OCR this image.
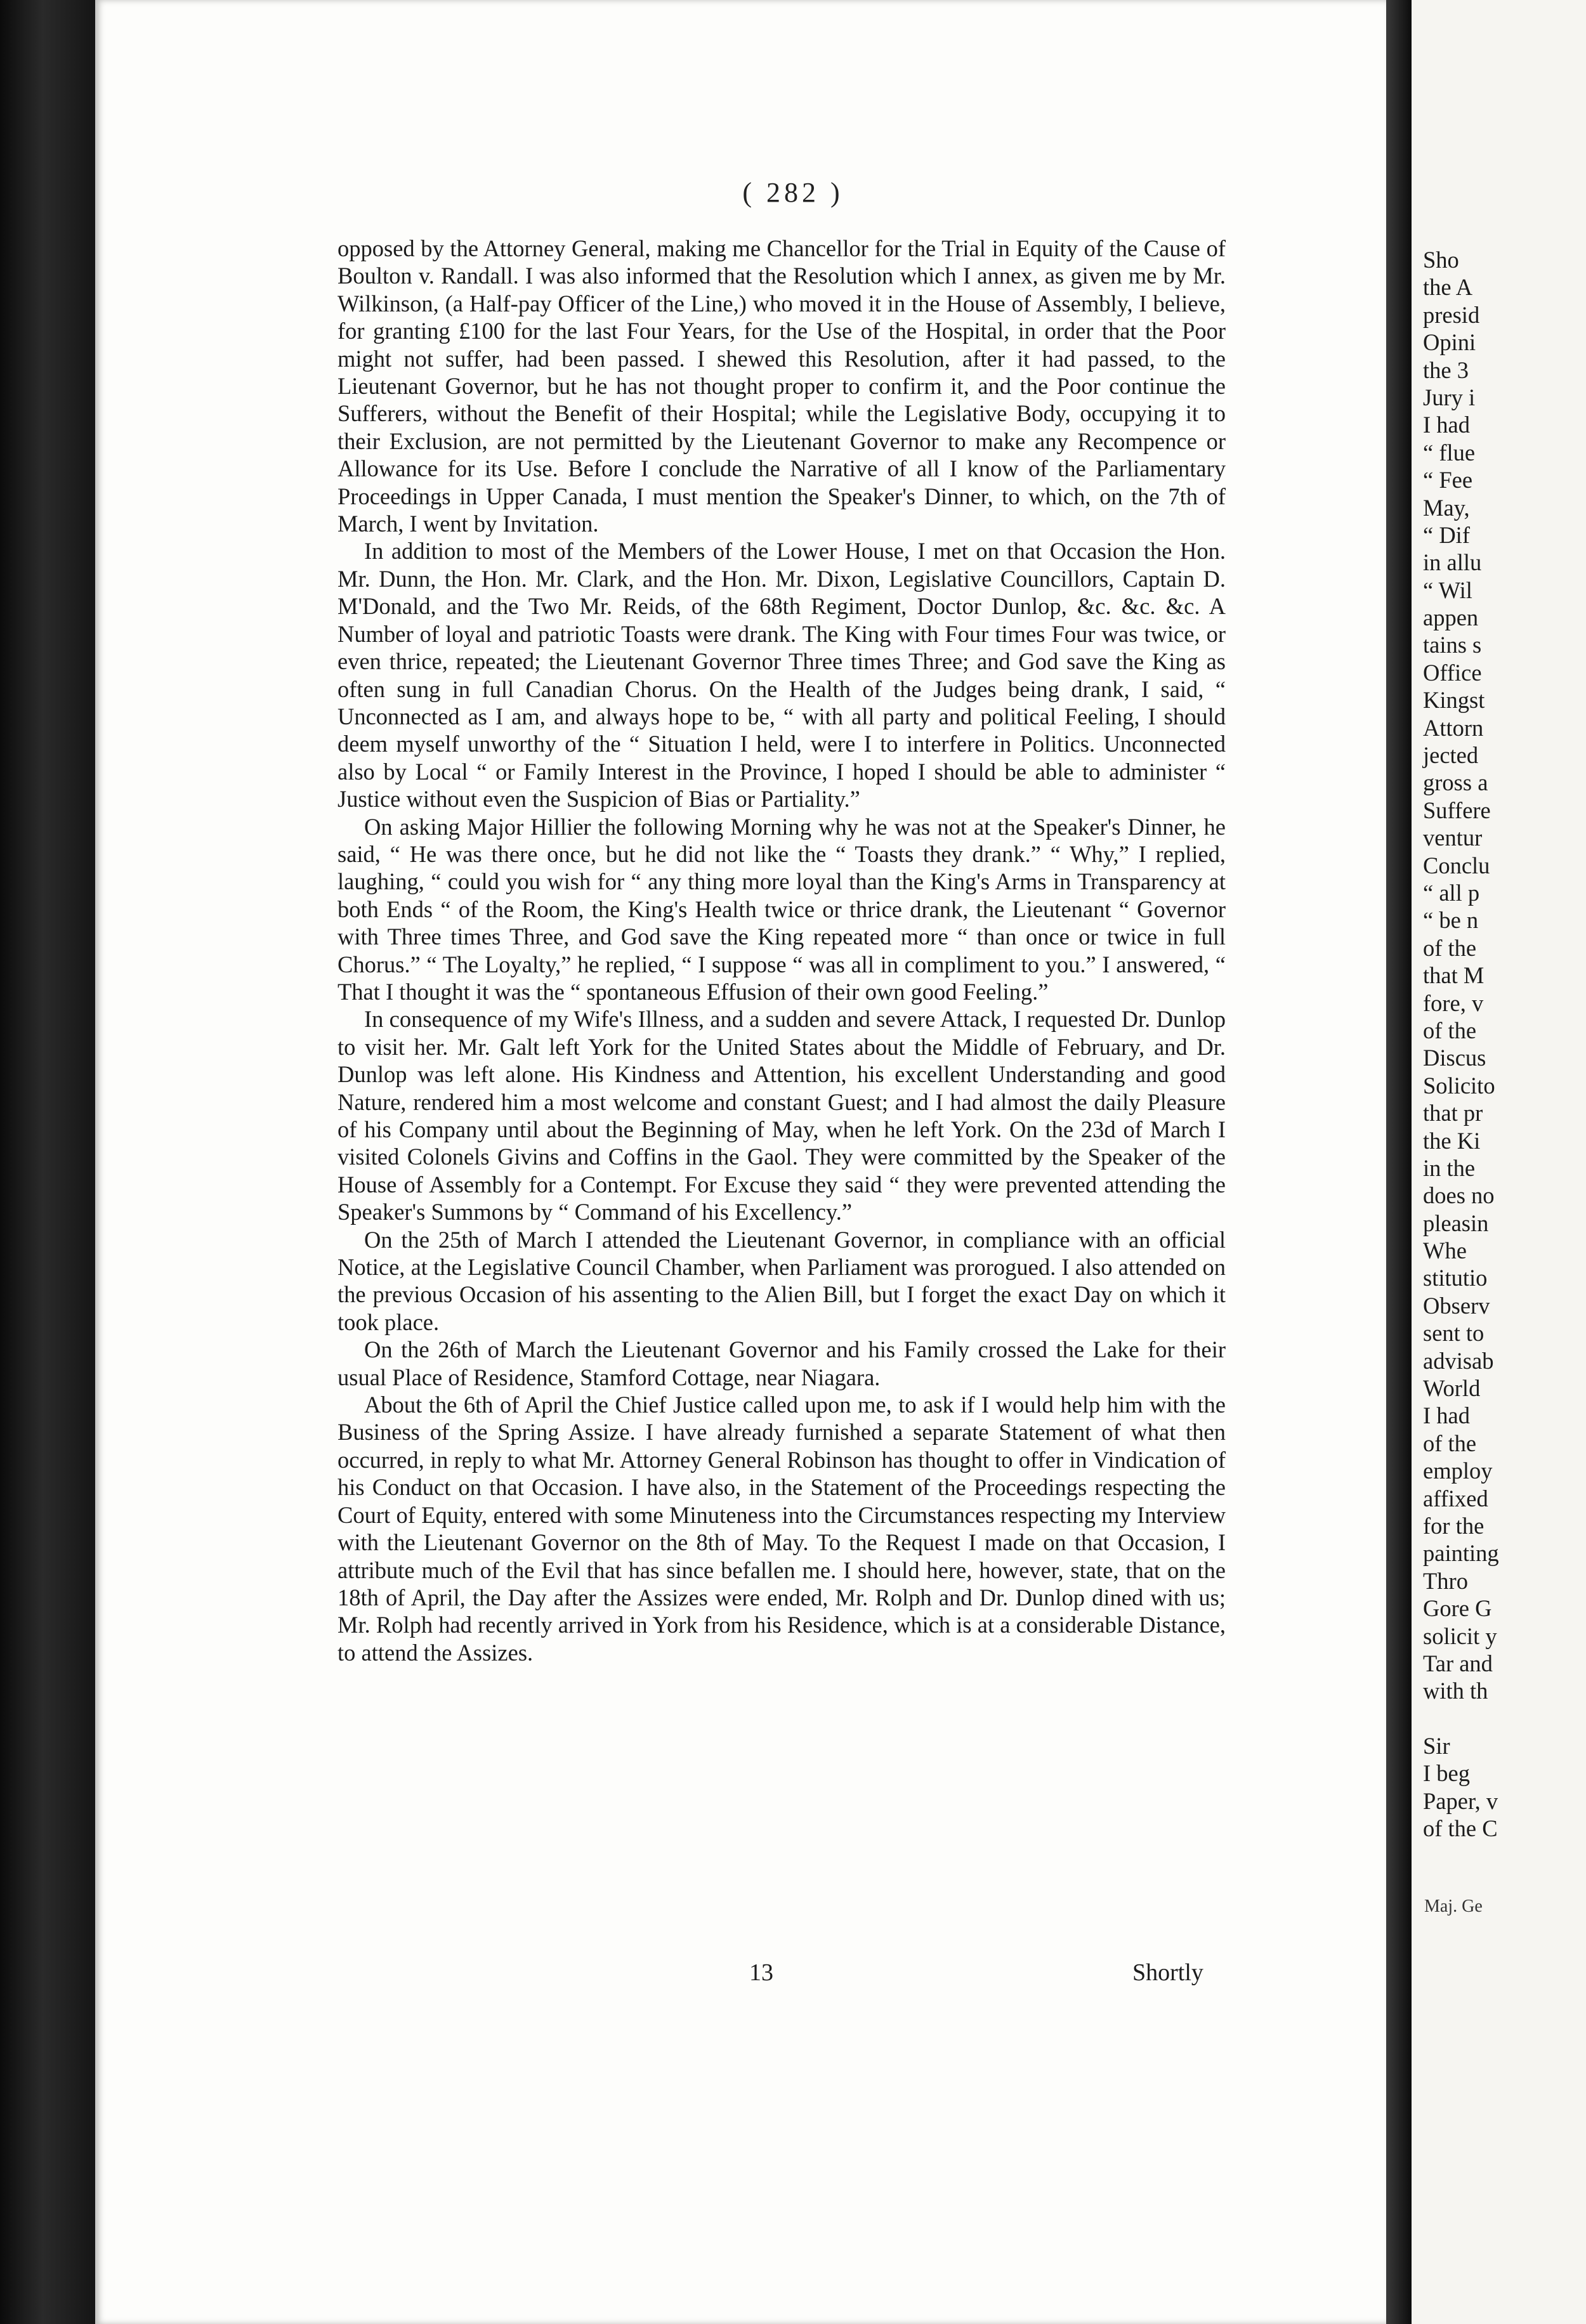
( 282 )

opposed by the Attorney General, making me Chancellor for the Trial in Equity of the Cause of Boulton v. Randall. I was also informed that the Resolution which I annex, as given me by Mr. Wilkinson, (a Half-pay Officer of the Line,) who moved it in the House of Assembly, I believe, for granting £100 for the last Four Years, for the Use of the Hospital, in order that the Poor might not suffer, had been passed. I shewed this Resolution, after it had passed, to the Lieutenant Governor, but he has not thought proper to confirm it, and the Poor continue the Sufferers, without the Benefit of their Hospital; while the Legislative Body, occupying it to their Exclusion, are not permitted by the Lieutenant Governor to make any Recompence or Allowance for its Use. Before I conclude the Narrative of all I know of the Parliamentary Proceedings in Upper Canada, I must mention the Speaker's Dinner, to which, on the 7th of March, I went by Invitation.

In addition to most of the Members of the Lower House, I met on that Occasion the Hon. Mr. Dunn, the Hon. Mr. Clark, and the Hon. Mr. Dixon, Legislative Councillors, Captain D. M'Donald, and the Two Mr. Reids, of the 68th Regiment, Doctor Dunlop, &c. &c. &c. A Number of loyal and patriotic Toasts were drank. The King with Four times Four was twice, or even thrice, repeated; the Lieutenant Governor Three times Three; and God save the King as often sung in full Canadian Chorus. On the Health of the Judges being drank, I said, “ Unconnected as I am, and always hope to be, “ with all party and political Feeling, I should deem myself unworthy of the “ Situation I held, were I to interfere in Politics. Unconnected also by Local “ or Family Interest in the Province, I hoped I should be able to administer “ Justice without even the Suspicion of Bias or Partiality.”

On asking Major Hillier the following Morning why he was not at the Speaker's Dinner, he said, “ He was there once, but he did not like the “ Toasts they drank.” “ Why,” I replied, laughing, “ could you wish for “ any thing more loyal than the King's Arms in Transparency at both Ends “ of the Room, the King's Health twice or thrice drank, the Lieutenant “ Governor with Three times Three, and God save the King repeated more “ than once or twice in full Chorus.” “ The Loyalty,” he replied, “ I suppose “ was all in compliment to you.” I answered, “ That I thought it was the “ spontaneous Effusion of their own good Feeling.”

In consequence of my Wife's Illness, and a sudden and severe Attack, I requested Dr. Dunlop to visit her. Mr. Galt left York for the United States about the Middle of February, and Dr. Dunlop was left alone. His Kindness and Attention, his excellent Understanding and good Nature, rendered him a most welcome and constant Guest; and I had almost the daily Pleasure of his Company until about the Beginning of May, when he left York. On the 23d of March I visited Colonels Givins and Coffins in the Gaol. They were committed by the Speaker of the House of Assembly for a Contempt. For Excuse they said “ they were prevented attending the Speaker's Summons by “ Command of his Excellency.”

On the 25th of March I attended the Lieutenant Governor, in compliance with an official Notice, at the Legislative Council Chamber, when Parliament was prorogued. I also attended on the previous Occasion of his assenting to the Alien Bill, but I forget the exact Day on which it took place.

On the 26th of March the Lieutenant Governor and his Family crossed the Lake for their usual Place of Residence, Stamford Cottage, near Niagara.

About the 6th of April the Chief Justice called upon me, to ask if I would help him with the Business of the Spring Assize. I have already furnished a separate Statement of what then occurred, in reply to what Mr. Attorney General Robinson has thought to offer in Vindication of his Conduct on that Occasion. I have also, in the Statement of the Proceedings respecting the Court of Equity, entered with some Minuteness into the Circumstances respecting my Interview with the Lieutenant Governor on the 8th of May. To the Request I made on that Occasion, I attribute much of the Evil that has since befallen me. I should here, however, state, that on the 18th of April, the Day after the Assizes were ended, Mr. Rolph and Dr. Dunlop dined with us; Mr. Rolph had recently arrived in York from his Residence, which is at a considerable Distance, to attend the Assizes.

13	Shortly
Sho
the A
presid
Opini
the 3
Jury i
I had
“ flue
“ Fee
May,
“ Dif
in allu
“ Wil
appen
tains s
Office
Kingst
Attorn
jected
gross a
Suffere
ventur
Conclu
“ all p
“ be n
of the
that M
fore, v
of the
Discus
Solicito
that pr
the Ki
in the
does no
pleasin
Whe
stitutio
Observ
sent to
advisab
World
I had
of the
employ
affixed
for the
painting
Thro
Gore G
solicit y
Tar and
with th
Sir
I beg
Paper, v
of the C
Maj. Ge
